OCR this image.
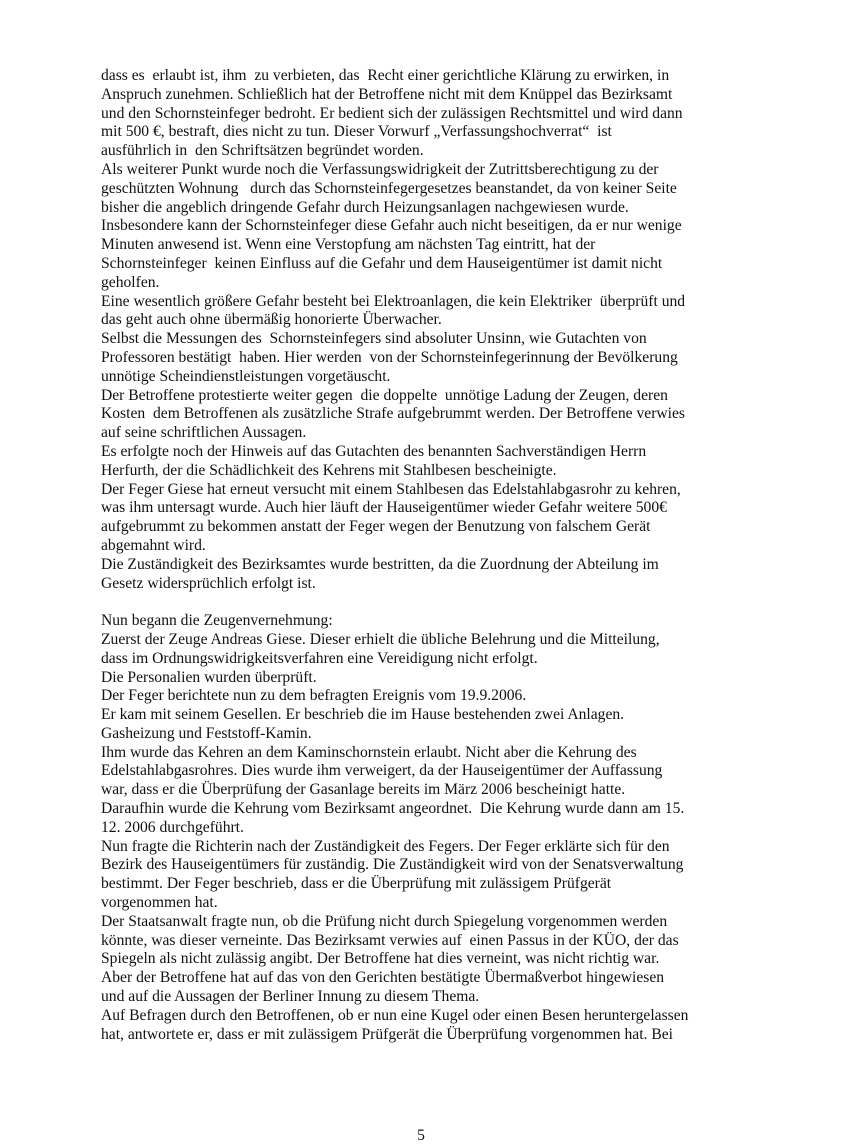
dass es  erlaubt ist, ihm  zu verbieten, das  Recht einer gerichtliche Klärung zu erwirken, in
Anspruch zunehmen. Schließlich hat der Betroffene nicht mit dem Knüppel das Bezirksamt
und den Schornsteinfeger bedroht. Er bedient sich der zulässigen Rechtsmittel und wird dann
mit 500 €, bestraft, dies nicht zu tun. Dieser Vorwurf „Verfassungshochverrat“  ist
ausführlich in  den Schriftsätzen begründet worden.
Als weiterer Punkt wurde noch die Verfassungswidrigkeit der Zutrittsberechtigung zu der
geschützten Wohnung   durch das Schornsteinfegergesetzes beanstandet, da von keiner Seite
bisher die angeblich dringende Gefahr durch Heizungsanlagen nachgewiesen wurde.
Insbesondere kann der Schornsteinfeger diese Gefahr auch nicht beseitigen, da er nur wenige
Minuten anwesend ist. Wenn eine Verstopfung am nächsten Tag eintritt, hat der
Schornsteinfeger  keinen Einfluss auf die Gefahr und dem Hauseigentümer ist damit nicht
geholfen.
Eine wesentlich größere Gefahr besteht bei Elektroanlagen, die kein Elektriker  überprüft und
das geht auch ohne übermäßig honorierte Überwacher.
Selbst die Messungen des  Schornsteinfegers sind absoluter Unsinn, wie Gutachten von
Professoren bestätigt  haben. Hier werden  von der Schornsteinfegerinnung der Bevölkerung
unnötige Scheindienstleistungen vorgetäuscht.
Der Betroffene protestierte weiter gegen  die doppelte  unnötige Ladung der Zeugen, deren
Kosten  dem Betroffenen als zusätzliche Strafe aufgebrummt werden. Der Betroffene verwies
auf seine schriftlichen Aussagen.
Es erfolgte noch der Hinweis auf das Gutachten des benannten Sachverständigen Herrn
Herfurth, der die Schädlichkeit des Kehrens mit Stahlbesen bescheinigte.
Der Feger Giese hat erneut versucht mit einem Stahlbesen das Edelstahlabgasrohr zu kehren,
was ihm untersagt wurde. Auch hier läuft der Hauseigentümer wieder Gefahr weitere 500€
aufgebrummt zu bekommen anstatt der Feger wegen der Benutzung von falschem Gerät
abgemahnt wird.
Die Zuständigkeit des Bezirksamtes wurde bestritten, da die Zuordnung der Abteilung im
Gesetz widersprüchlich erfolgt ist.
Nun begann die Zeugenvernehmung:
Zuerst der Zeuge Andreas Giese. Dieser erhielt die übliche Belehrung und die Mitteilung,
dass im Ordnungswidrigkeitsverfahren eine Vereidigung nicht erfolgt.
Die Personalien wurden überprüft.
Der Feger berichtete nun zu dem befragten Ereignis vom 19.9.2006.
Er kam mit seinem Gesellen. Er beschrieb die im Hause bestehenden zwei Anlagen.
Gasheizung und Feststoff-Kamin.
Ihm wurde das Kehren an dem Kaminschornstein erlaubt. Nicht aber die Kehrung des
Edelstahlabgasrohres. Dies wurde ihm verweigert, da der Hauseigentümer der Auffassung
war, dass er die Überprüfung der Gasanlage bereits im März 2006 bescheinigt hatte.
Daraufhin wurde die Kehrung vom Bezirksamt angeordnet.  Die Kehrung wurde dann am 15.
12. 2006 durchgeführt.
Nun fragte die Richterin nach der Zuständigkeit des Fegers. Der Feger erklärte sich für den
Bezirk des Hauseigentümers für zuständig. Die Zuständigkeit wird von der Senatsverwaltung
bestimmt. Der Feger beschrieb, dass er die Überprüfung mit zulässigem Prüfgerät
vorgenommen hat.
Der Staatsanwalt fragte nun, ob die Prüfung nicht durch Spiegelung vorgenommen werden
könnte, was dieser verneinte. Das Bezirksamt verwies auf  einen Passus in der KÜO, der das
Spiegeln als nicht zulässig angibt. Der Betroffene hat dies verneint, was nicht richtig war.
Aber der Betroffene hat auf das von den Gerichten bestätigte Übermaßverbot hingewiesen
und auf die Aussagen der Berliner Innung zu diesem Thema.
Auf Befragen durch den Betroffenen, ob er nun eine Kugel oder einen Besen heruntergelassen
hat, antwortete er, dass er mit zulässigem Prüfgerät die Überprüfung vorgenommen hat. Bei
5
